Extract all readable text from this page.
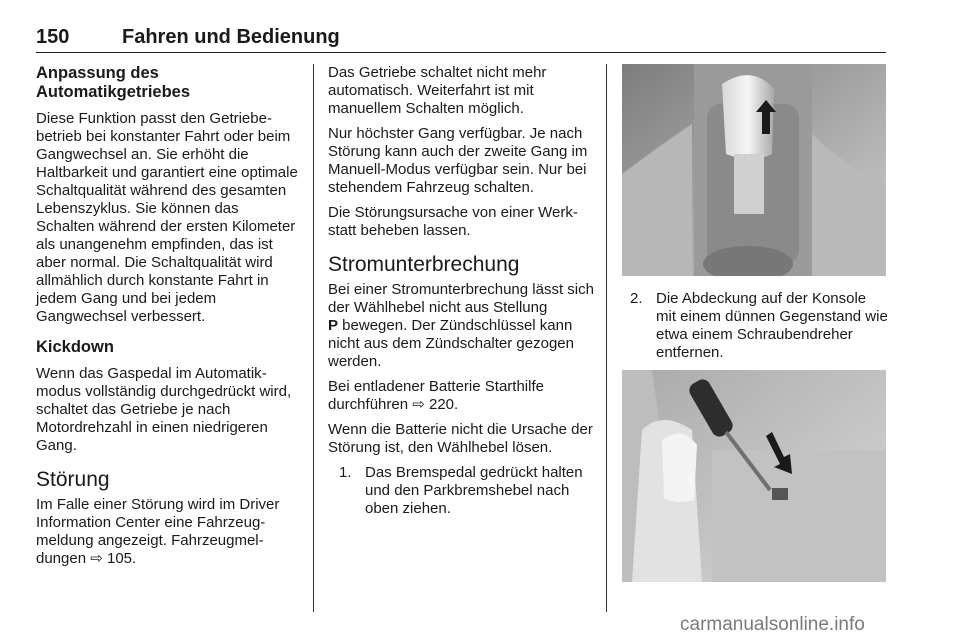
150	Fahren und Bedienung
Anpassung des Automatikgetriebes

Diese Funktion passt den Getriebebetrieb bei konstanter Fahrt oder beim Gangwechsel an. Sie erhöht die Haltbarkeit und garantiert eine optimale Schaltqualität während des gesamten Lebenszyklus. Sie können das Schalten während der ersten Kilometer als unangenehm empfinden, das ist aber normal. Die Schaltqualität wird allmählich durch konstante Fahrt in jedem Gang und bei jedem Gangwechsel verbessert.

Kickdown

Wenn das Gaspedal im Automatikmodus vollständig durchgedrückt wird, schaltet das Getriebe je nach Motordrehzahl in einen niedrigeren Gang.

Störung

Im Falle einer Störung wird im Driver Information Center eine Fahrzeugmeldung angezeigt. Fahrzeugmeldungen ⇨ 105.

Das Getriebe schaltet nicht mehr automatisch. Weiterfahrt ist mit manuellem Schalten möglich.

Nur höchster Gang verfügbar. Je nach Störung kann auch der zweite Gang im Manuell-Modus verfügbar sein. Nur bei stehendem Fahrzeug schalten.

Die Störungsursache von einer Werkstatt beheben lassen.

Stromunterbrechung

Bei einer Stromunterbrechung lässt sich der Wählhebel nicht aus Stellung
P bewegen. Der Zündschlüssel kann nicht aus dem Zündschalter gezogen werden.

Bei entladener Batterie Starthilfe durchführen ⇨ 220.

Wenn die Batterie nicht die Ursache der Störung ist, den Wählhebel lösen.

1. Das Bremspedal gedrückt halten und den Parkbremshebel nach oben ziehen.
2. Die Abdeckung auf der Konsole mit einem dünnen Gegenstand wie etwa einem Schraubendreher entfernen.
carmanualsonline.info
